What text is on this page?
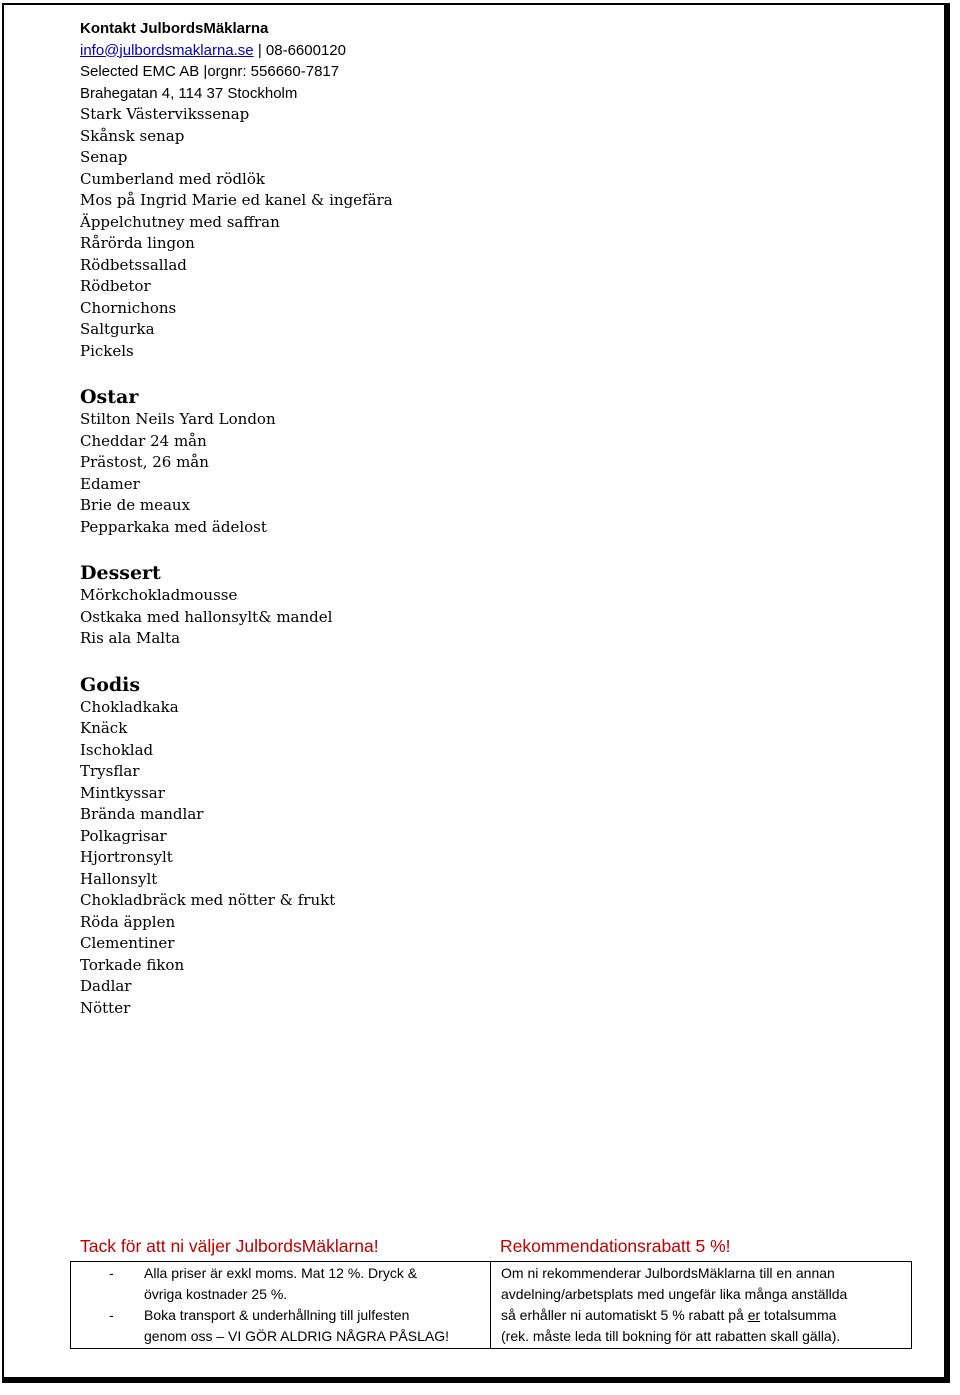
Kontakt JulbordsMäklarna
info@julbordsmaklarna.se | 08-6600120
Selected EMC AB |orgnr: 556660-7817
Brahegatan 4, 114 37 Stockholm
Stark Västervikssenap
Skånsk senap
Senap
Cumberland med rödlök
Mos på Ingrid Marie ed kanel & ingefära
Äppelchutney med saffran
Rårörda lingon
Rödbetssallad
Rödbetor
Chornichons
Saltgurka
Pickels
Ostar
Stilton Neils Yard London
Cheddar 24 mån
Prästost, 26 mån
Edamer
Brie de meaux
Pepparkaka med ädelost
Dessert
Mörkchokladmousse
Ostkaka med hallonsylt& mandel
Ris ala Malta
Godis
Chokladkaka
Knäck
Ischoklad
Trysflar
Mintkyssar
Brända mandlar
Polkagrisar
Hjortronsylt
Hallonsylt
Chokladbräck med nötter & frukt
Röda äpplen
Clementiner
Torkade fikon
Dadlar
Nötter
Tack för att ni väljer JulbordsMäklarna!	Rekommendationsrabatt 5 %!
-
Alla priser är exkl moms. Mat 12 %. Dryck &
övriga kostnader 25 %.
-
Boka transport & underhållning till julfesten
genom oss – VI GÖR ALDRIG NÅGRA PÅSLAG!
Om ni rekommenderar JulbordsMäklarna till en annan
avdelning/arbetsplats med ungefär lika många anställda
så erhåller ni automatiskt 5 % rabatt på er totalsumma
(rek. måste leda till bokning för att rabatten skall gälla).
